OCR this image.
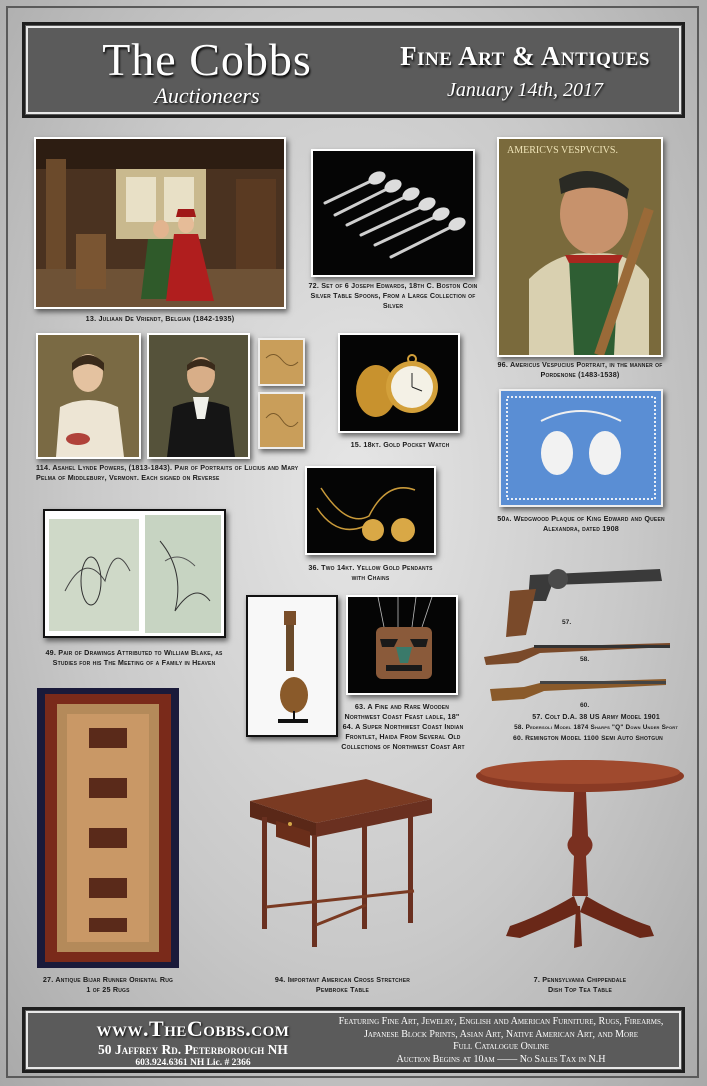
The Cobbs
Auctioneers
Fine Art & Antiques
January 14th, 2017
13. Juliaan De Vriendt, Belgian (1842-1935)
72. Set of 6 Joseph Edwards, 18th C. Boston Coin Silver Table Spoons, From a Large Collection of Silver
AMERICVS VESPVCIVS.
96. Americus Vespucius Portrait, in the manner of Pordenone (1483-1538)
114. Asahel Lynde Powers, (1813-1843). Pair of Portraits of Lucius and Mary Pelma of Middlebury, Vermont. Each signed on Reverse
15. 18kt. Gold Pocket Watch
50a. Wedgwood Plaque of King Edward and Queen Alexandra, dated 1908
36. Two 14kt. Yellow Gold Pendants with Chains
49. Pair of Drawings Attributed to William Blake, as Studies for his The Meeting of a Family in Heaven
63. A Fine and Rare Wooden Northwest Coast Feast ladle, 18"
64. A Super Northwest Coast Indian Frontlet, Haida From Several Old Collections of Northwest Coast Art
57.
58.
60.
57. Colt D.A. 38 US Army Model 1901
58. Pedersoli Model 1874 Sharps "Q" Down Under Sport
60. Remington Model 1100 Semi Auto Shotgun
27. Antique Bijar Runner Oriental Rug
1 of 25 Rugs
94. Important American Cross Stretcher
Pembroke Table
7. Pennsylvania Chippendale
Dish Top Tea Table
www.TheCobbs.com
50 Jaffrey Rd. Peterborough NH
603.924.6361 NH Lic. # 2366
Featuring Fine Art, Jewelry, English and American Furniture, Rugs, Firearms, Japanese Block Prints, Asian Art, Native American Art, and More
Full Catalogue Online
Auction Begins at 10am —— No Sales Tax in N.H
